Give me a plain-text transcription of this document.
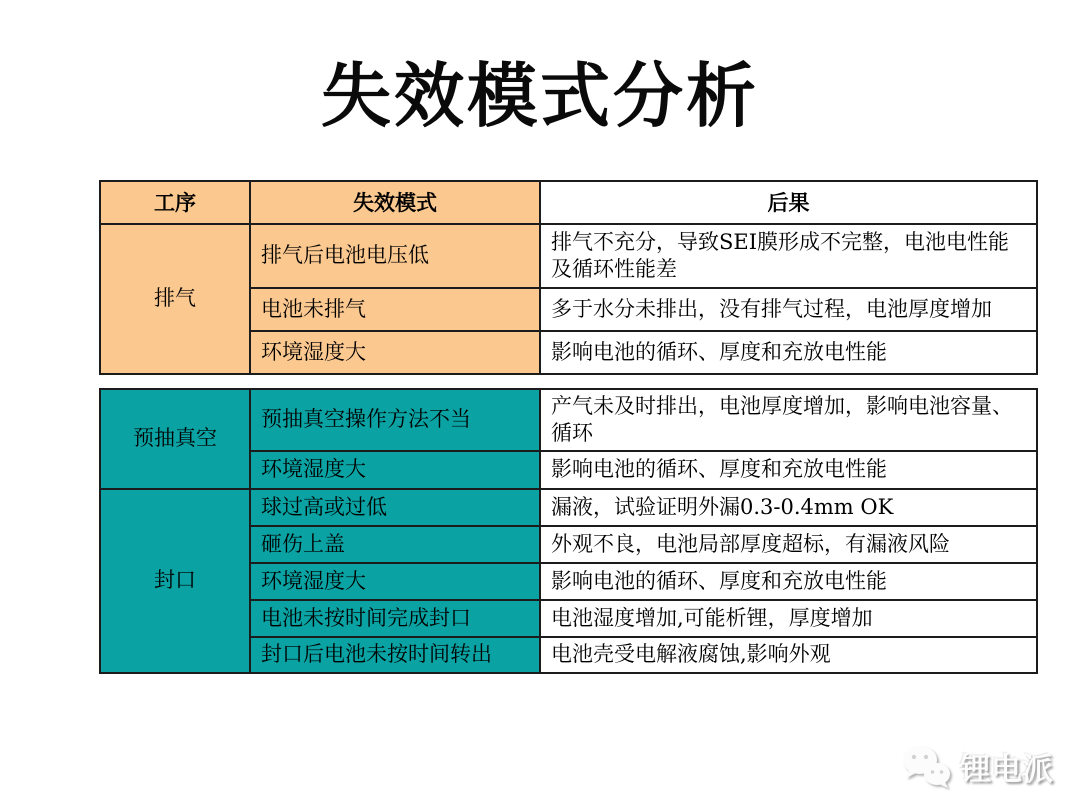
失效模式分析
工序	失效模式	后果
排气	排气后电池电压低	排气不充分，导致SEI膜形成不完整，电池电性能及循环性能差
	电池未排气	多于水分未排出，没有排气过程，电池厚度增加
	环境湿度大	影响电池的循环、厚度和充放电性能
预抽真空	预抽真空操作方法不当	产气未及时排出，电池厚度增加，影响电池容量、循环
	环境湿度大	影响电池的循环、厚度和充放电性能
封口	球过高或过低	漏液，试验证明外漏0.3-0.4mm OK
	砸伤上盖	外观不良，电池局部厚度超标，有漏液风险
	环境湿度大	影响电池的循环、厚度和充放电性能
	电池未按时间完成封口	电池湿度增加,可能析锂，厚度增加
	封口后电池未按时间转出	电池壳受电解液腐蚀,影响外观
锂电派
